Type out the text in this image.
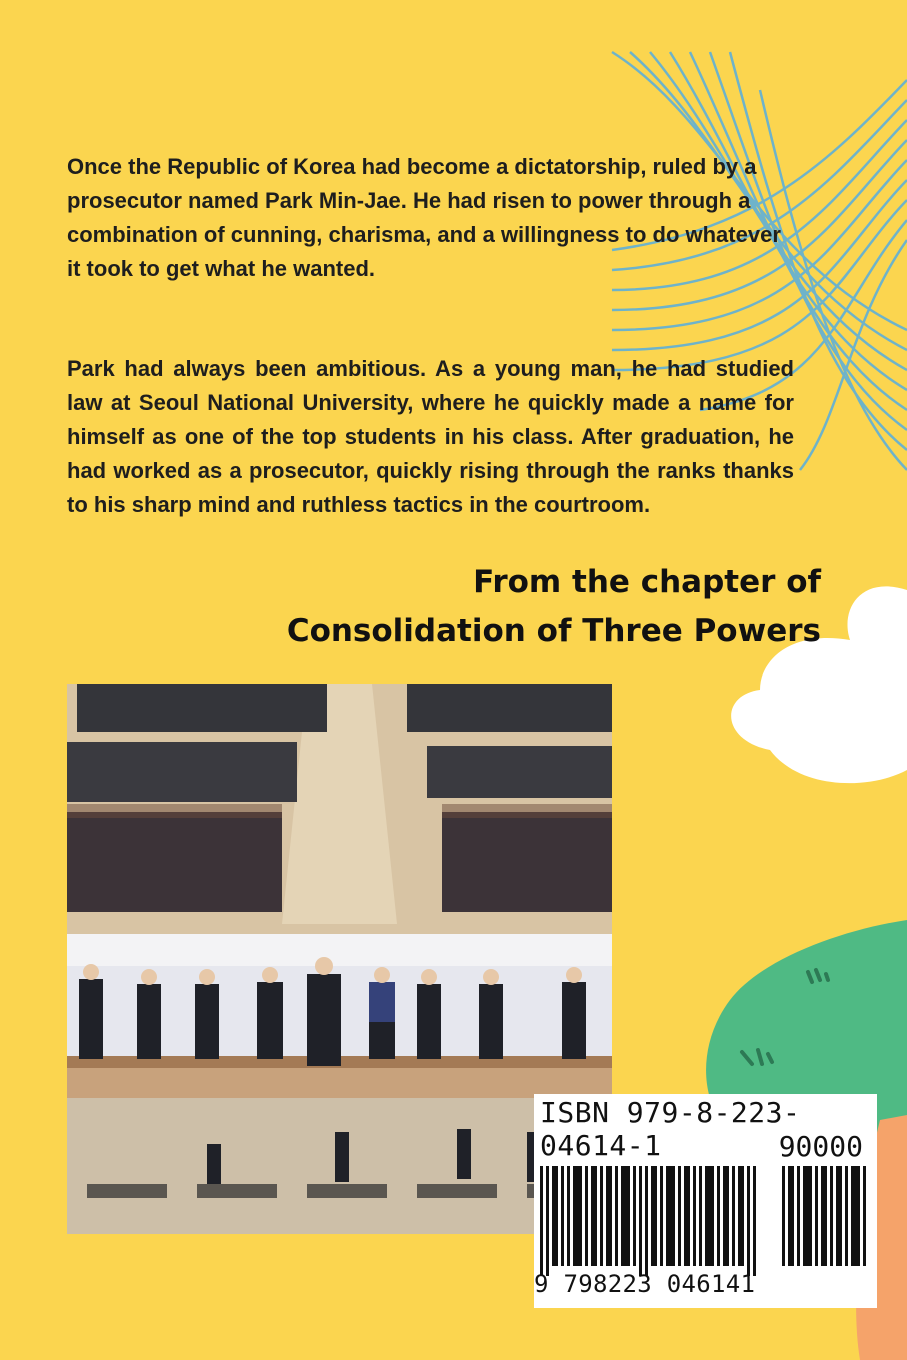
Once the Republic of Korea had become a dictatorship, ruled by a prosecutor named Park Min-Jae. He had risen to power through a combination of cunning, charisma, and a willingness to do whatever it took to get what he wanted.

Park had always been ambitious. As a young man, he had studied law at Seoul National University, where he quickly made a name for himself as one of the top students in his class. After graduation, he had worked as a prosecutor, quickly rising through the ranks thanks to his sharp mind and ruthless tactics in the courtroom.

From the chapter of

Consolidation of Three Powers

ISBN 979-8-223-04614-1	90000
9 798223 046141
